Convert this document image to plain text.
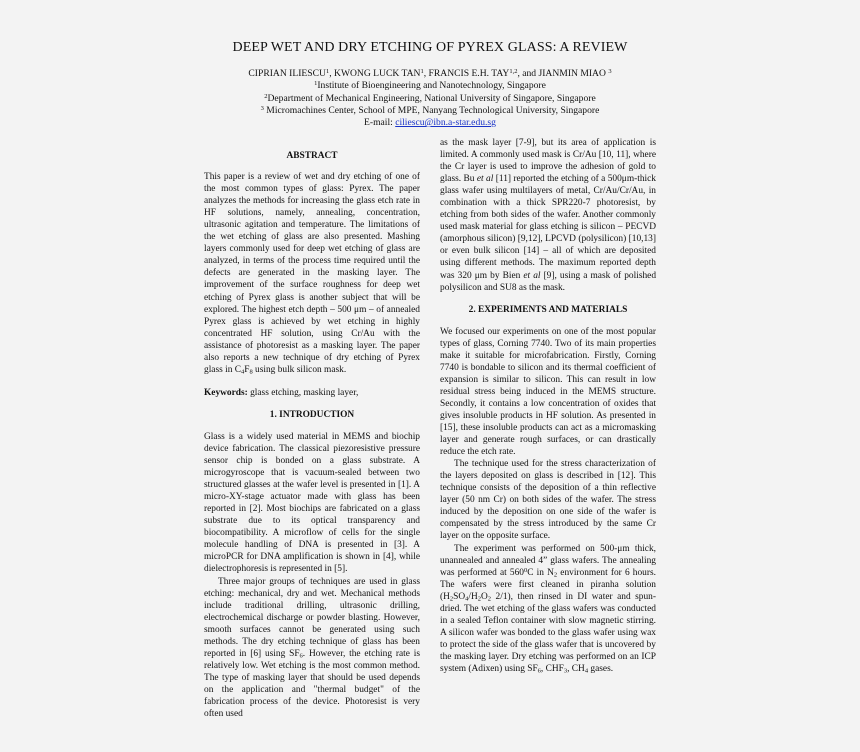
DEEP WET AND DRY ETCHING OF PYREX GLASS: A REVIEW
CIPRIAN ILIESCU$^1$, KWONG LUCK TAN$^1$, FRANCIS E.H. TAY$^{1,2}$, and JIANMIN MIAO $^3$
$^1$Institute of Bioengineering and Nanotechnology, Singapore
$^2$Department of Mechanical Engineering, National University of Singapore, Singapore
$^3$ Micromachines Center, School of MPE, Nanyang Technological University, Singapore
E-mail: ciliescu@ibn.a-star.edu.sg

ABSTRACT

This paper is a review of wet and dry etching of one of the most common types of glass: Pyrex. The paper analyzes the methods for increasing the glass etch rate in HF solutions, namely, annealing, concentration, ultrasonic agitation and temperature. The limitations of the wet etching of glass are also presented. Mashing layers commonly used for deep wet etching of glass are analyzed, in terms of the process time required until the defects are generated in the masking layer. The improvement of the surface roughness for deep wet etching of Pyrex glass is another subject that will be explored. The highest etch depth – 500 μm – of annealed Pyrex glass is achieved by wet etching in highly concentrated HF solution, using Cr/Au with the assistance of photoresist as a masking layer. The paper also reports a new technique of dry etching of Pyrex glass in $C_4F_8$ using bulk silicon mask.

Keywords: glass etching, masking layer,

1. INTRODUCTION

Glass is a widely used material in MEMS and biochip device fabrication. The classical piezoresistive pressure sensor chip is bonded on a glass substrate. A microgyroscope that is vacuum-sealed between two structured glasses at the wafer level is presented in [1]. A micro-XY-stage actuator made with glass has been reported in [2]. Most biochips are fabricated on a glass substrate due to its optical transparency and biocompatibility. A microflow of cells for the single molecule handling of DNA is presented in [3]. A microPCR for DNA amplification is shown in [4], while dielectrophoresis is represented in [5].

Three major groups of techniques are used in glass etching: mechanical, dry and wet. Mechanical methods include traditional drilling, ultrasonic drilling, electrochemical discharge or powder blasting. However, smooth surfaces cannot be generated using such methods. The dry etching technique of glass has been reported in [6] using $SF_6$. However, the etching rate is relatively low. Wet etching is the most common method. The type of masking layer that should be used depends on the application and "thermal budget" of the fabrication process of the device. Photoresist is very often used

as the mask layer [7-9], but its area of application is limited. A commonly used mask is Cr/Au [10, 11], where the Cr layer is used to improve the adhesion of gold to glass. Bu et al [11] reported the etching of a 500μm-thick glass wafer using multilayers of metal, Cr/Au/Cr/Au, in combination with a thick SPR220-7 photoresist, by etching from both sides of the wafer. Another commonly used mask material for glass etching is silicon – PECVD (amorphous silicon) [9,12], LPCVD (polysilicon) [10,13] or even bulk silicon [14] – all of which are deposited using different methods. The maximum reported depth was 320 μm by Bien et al [9], using a mask of polished polysilicon and SU8 as the mask.

2. EXPERIMENTS AND MATERIALS

We focused our experiments on one of the most popular types of glass, Corning 7740. Two of its main properties make it suitable for microfabrication. Firstly, Corning 7740 is bondable to silicon and its thermal coefficient of expansion is similar to silicon. This can result in low residual stress being induced in the MEMS structure. Secondly, it contains a low concentration of oxides that gives insoluble products in HF solution. As presented in [15], these insoluble products can act as a micromasking layer and generate rough surfaces, or can drastically reduce the etch rate.

The technique used for the stress characterization of the layers deposited on glass is described in [12]. This technique consists of the deposition of a thin reflective layer (50 nm Cr) on both sides of the wafer. The stress induced by the deposition on one side of the wafer is compensated by the stress introduced by the same Cr layer on the opposite surface.

The experiment was performed on 500-μm thick, unannealed and annealed 4” glass wafers. The annealing was performed at $560^0C$ in $N_2$ environment for 6 hours. The wafers were first cleaned in piranha solution ($H_2SO_4/H_2O_2$ 2/1), then rinsed in DI water and spun-dried. The wet etching of the glass wafers was conducted in a sealed Teflon container with slow magnetic stirring. A silicon wafer was bonded to the glass wafer using wax to protect the side of the glass wafer that is uncovered by the masking layer. Dry etching was performed on an ICP system (Adixen) using $SF_6$, $CHF_3$, $CH_4$ gases.
